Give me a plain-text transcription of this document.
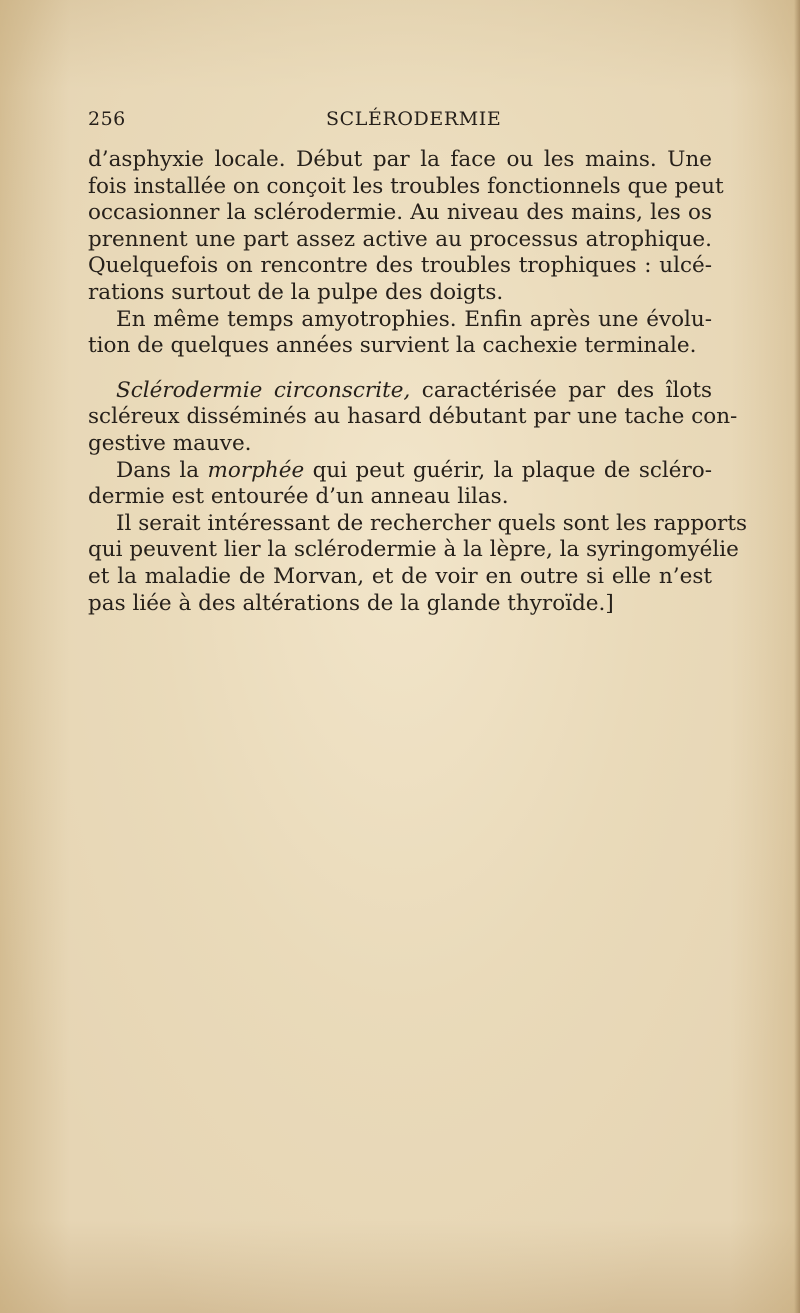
256	SCLÉRODERMIE
d’asphyxie locale. Début par la face ou les mains. Une
fois installée on conçoit les troubles fonctionnels que peut
occasionner la sclérodermie. Au niveau des mains, les os
prennent une part assez active au processus atrophique.
Quelquefois on rencontre des troubles trophiques : ulcé-
rations surtout de la pulpe des doigts.
En même temps amyotrophies. Enfin après une évolu-
tion de quelques années survient la cachexie terminale.
Sclérodermie circonscrite, caractérisée par des îlots
scléreux disséminés au hasard débutant par une tache con-
gestive mauve.
Dans la morphée qui peut guérir, la plaque de scléro-
dermie est entourée d’un anneau lilas.
Il serait intéressant de rechercher quels sont les rapports
qui peuvent lier la sclérodermie à la lèpre, la syringomyélie
et la maladie de Morvan, et de voir en outre si elle n’est
pas liée à des altérations de la glande thyroïde.]
